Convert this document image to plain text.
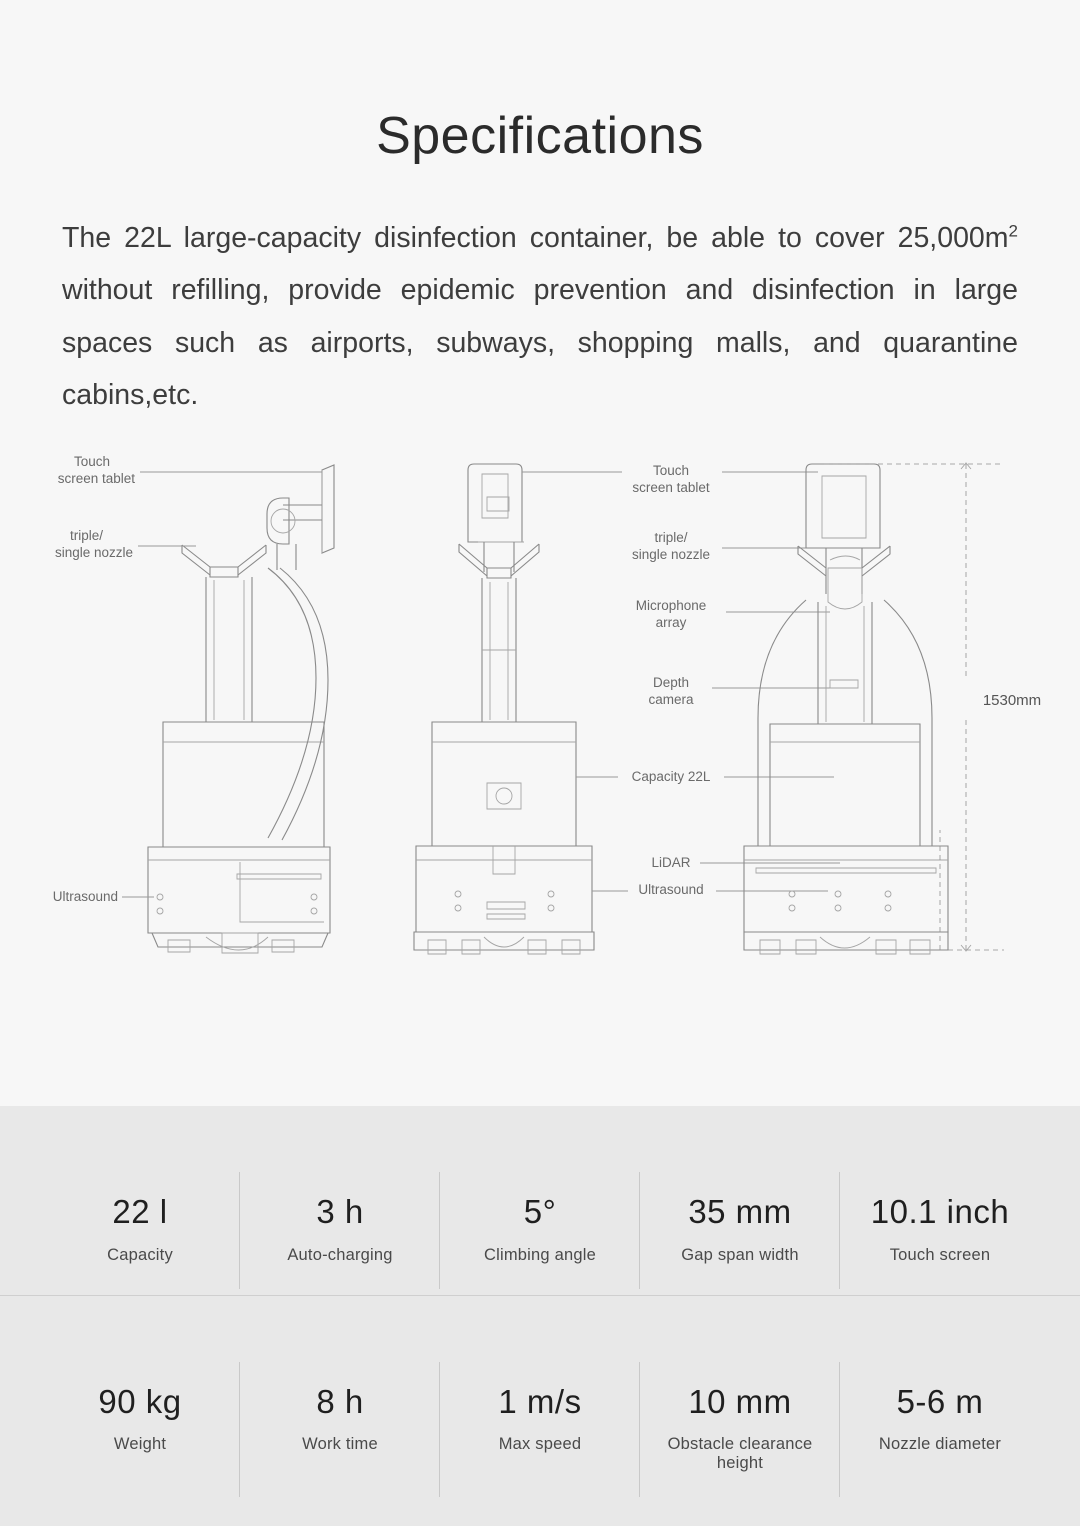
Specifications

The 22L large-capacity disinfection container, be able to cover $25,000m^2$ without refilling, provide epidemic prevention and disinfection in large spaces such as airports, subways, shopping malls, and quarantine cabins,etc.

Touch
screen tablet
triple/
single nozzle
Ultrasound
Touch
screen tablet
triple/
single nozzle
Microphone
array
Depth
camera
Capacity 22L
LiDAR
Ultrasound
1530mm
22 l
Capacity
3 h
Auto-charging
5°
Climbing angle
35 mm
Gap span width
10.1 inch
Touch screen
90 kg
Weight
8 h
Work time
1 m/s
Max speed
10 mm
Obstacle clearance height
5-6 m
Nozzle diameter
